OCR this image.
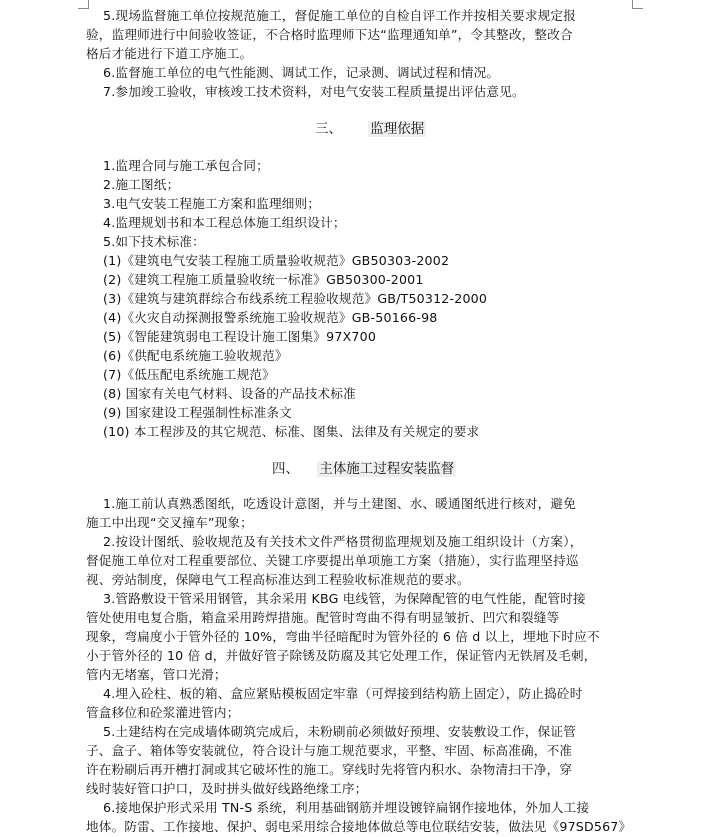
5.现场监督施工单位按规范施工，督促施工单位的自检自评工作并按相关要求规定报
验，监理师进行中间验收签证，不合格时监理师下达“监理通知单”，令其整改，整改合
格后才能进行下道工序施工。
6.监督施工单位的电气性能测、调试工作，记录测、调试过程和情况。
7.参加竣工验收，审核竣工技术资料，对电气安装工程质量提出评估意见。
三、 监理依据
1.监理合同与施工承包合同；
2.施工图纸；
3.电气安装工程施工方案和监理细则；
4.监理规划书和本工程总体施工组织设计；
5.如下技术标准：
(1)《建筑电气安装工程施工质量验收规范》GB50303-2002
(2)《建筑工程施工质量验收统一标准》GB50300-2001
(3)《建筑与建筑群综合布线系统工程验收规范》GB/T50312-2000
(4)《火灾自动探测报警系统施工验收规范》GB-50166-98
(5)《智能建筑弱电工程设计施工图集》97X700
(6)《供配电系统施工验收规范》
(7)《低压配电系统施工规范》
(8) 国家有关电气材料、设备的产品技术标准
(9) 国家建设工程强制性标准条文
(10) 本工程涉及的其它规范、标准、图集、法律及有关规定的要求
四、 主体施工过程安装监督
1.施工前认真熟悉图纸，吃透设计意图，并与土建图、水、暖通图纸进行核对，避免
施工中出现“交叉撞车”现象；
2.按设计图纸、验收规范及有关技术文件严格贯彻监理规划及施工组织设计（方案），
督促施工单位对工程重要部位、关键工序要提出单项施工方案（措施），实行监理坚持巡
视、旁站制度，保障电气工程高标准达到工程验收标准规范的要求。
3.管路敷设干管采用钢管，其余采用 KBG 电线管，为保障配管的电气性能，配管时接
管处使用电复合脂，箱盒采用跨焊措施。配管时弯曲不得有明显皱折、凹穴和裂缝等
现象，弯扁度小于管外径的 10%，弯曲半径暗配时为管外径的 6 倍 d 以上，埋地下时应不
小于管外径的 10 倍 d，并做好管子除锈及防腐及其它处理工作，保证管内无铁屑及毛刺，
管内无堵塞，管口光滑；
4.埋入砼柱、板的箱、盒应紧贴模板固定牢靠（可焊接到结构筋上固定），防止捣砼时
管盒移位和砼浆灌进管内；
5.土建结构在完成墙体砌筑完成后，未粉刷前必须做好预埋、安装敷设工作，保证管
子、盒子、箱体等安装就位，符合设计与施工规范要求，平整、牢固、标高准确，不准
许在粉刷后再开槽打洞或其它破坏性的施工。穿线时先将管内积水、杂物清扫干净，穿
线时装好管口护口，及时拼头做好线路绝缘工序；
6.接地保护形式采用 TN-S 系统，利用基础钢筋并埋设镀锌扁钢作接地体，外加人工接
地体。防雷、工作接地、保护、弱电采用综合接地体做总等电位联结安装，做法见《97SD567》
